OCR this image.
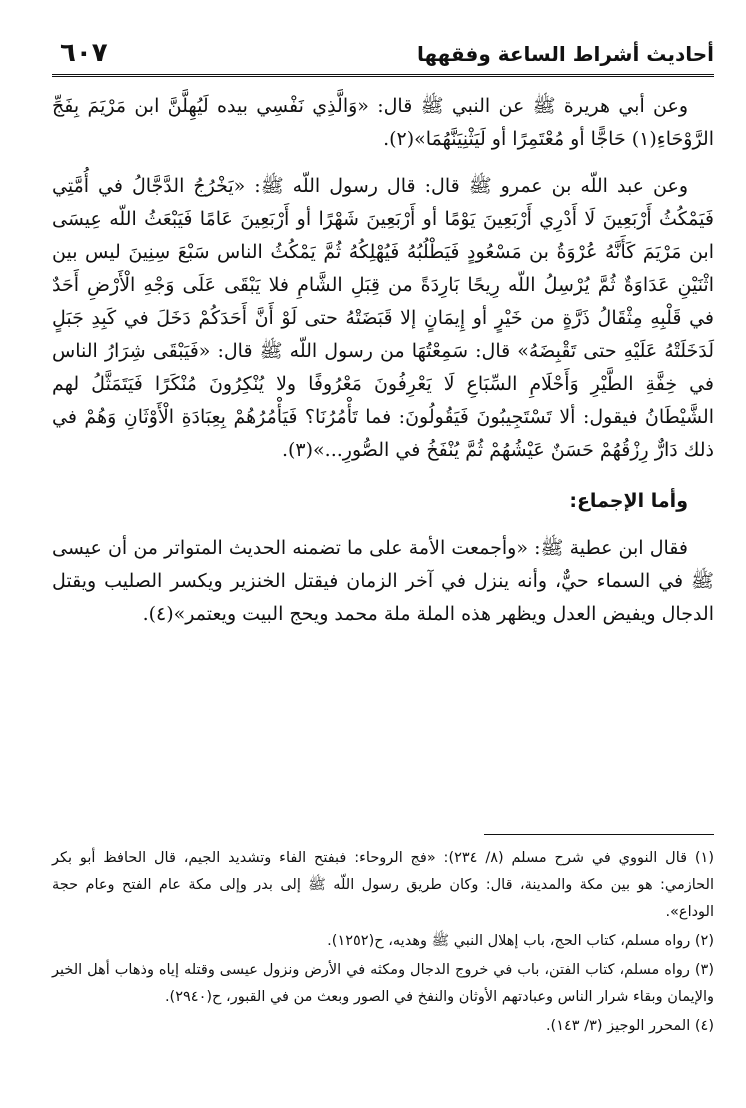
أحاديث أشراط الساعة وفقهها
٦٠٧

وعن أبي هريرة ﷺ عن النبي ﷺ قال: «وَالَّذِي نَفْسِي بيده لَيُهِلَّنَّ ابن مَرْيَمَ بِفَجِّ الرَّوْحَاءِ(١) حَاجًّا أو مُعْتَمِرًا أو لَيَثْنِيَنَّهُمَا»(٢).

وعن عبد اللّه بن عمرو ﷺ قال: قال رسول اللّه ﷺ: «يَخْرُجُ الدَّجَّالُ في أُمَّتِي فَيَمْكُثُ أَرْبَعِينَ لَا أَدْرِي أَرْبَعِينَ يَوْمًا أو أَرْبَعِينَ شَهْرًا أو أَرْبَعِينَ عَامًا فَيَبْعَثُ اللّه عِيسَى ابن مَرْيَمَ كَأَنَّهُ عُرْوَةُ بن مَسْعُودٍ فَيَطْلُبُهُ فَيُهْلِكُهُ ثُمَّ يَمْكُثُ الناس سَبْعَ سِنِينَ ليس بين اثْنَيْنِ عَدَاوَةٌ ثُمَّ يُرْسِلُ اللّه رِيحًا بَارِدَةً من قِبَلِ الشَّامِ فلا يَبْقَى عَلَى وَجْهِ الْأَرْضِ أَحَدٌ في قَلْبِهِ مِثْقَالُ ذَرَّةٍ من خَيْرٍ أو إِيمَانٍ إلا قَبَضَتْهُ حتى لَوْ أَنَّ أَحَدَكُمْ دَخَلَ في كَبِدِ جَبَلٍ لَدَخَلَتْهُ عَلَيْهِ حتى تَقْبِضَهُ» قال: سَمِعْتُهَا من رسول اللّه ﷺ قال: «فَيَبْقَى شِرَارُ الناس في خِفَّةِ الطَّيْرِ وَأَحْلَامِ السِّبَاعِ لَا يَعْرِفُونَ مَعْرُوفًا ولا يُنْكِرُونَ مُنْكَرًا فَيَتَمَثَّلُ لهم الشَّيْطَانُ فيقول: ألا تَسْتَجِيبُونَ فَيَقُولُونَ: فما تَأْمُرُنَا؟ فَيَأْمُرُهُمْ بِعِبَادَةِ الْأَوْثَانِ وَهُمْ في ذلك دَارٌّ رِزْقُهُمْ حَسَنٌ عَيْشُهُمْ ثُمَّ يُنْفَخُ في الصُّورِ...»(٣).

وأما الإجماع:

فقال ابن عطية ﷺ: «وأجمعت الأمة على ما تضمنه الحديث المتواتر من أن عيسى ﷺ في السماء حيٌّ، وأنه ينزل في آخر الزمان فيقتل الخنزير ويكسر الصليب ويقتل الدجال ويفيض العدل ويظهر هذه الملة ملة محمد ويحج البيت ويعتمر»(٤).

(١) قال النووي في شرح مسلم (٨/ ٢٣٤): «فج الروحاء: فبفتح الفاء وتشديد الجيم، قال الحافظ أبو بكر الحازمي: هو بين مكة والمدينة، قال: وكان طريق رسول اللّه ﷺ إلى بدر وإلى مكة عام الفتح وعام حجة الوداع».

(٢) رواه مسلم، كتاب الحج، باب إهلال النبي ﷺ وهديه، ح(١٢٥٢).

(٣) رواه مسلم، كتاب الفتن، باب في خروج الدجال ومكثه في الأرض ونزول عيسى وقتله إياه وذهاب أهل الخير والإيمان وبقاء شرار الناس وعبادتهم الأوثان والنفخ في الصور وبعث من في القبور، ح(٢٩٤٠).

(٤) المحرر الوجيز (٣/ ١٤٣).
